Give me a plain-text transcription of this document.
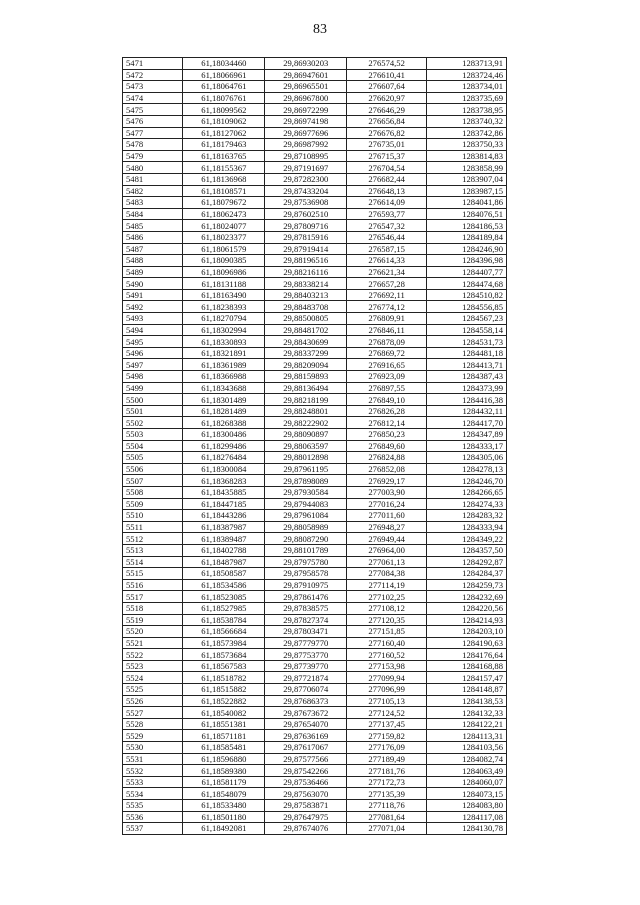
83
5471	61,18034460	29,86930203	276574,52	1283713,91
5472	61,18066961	29,86947601	276610,41	1283724,46
5473	61,18064761	29,86965501	276607,64	1283734,01
5474	61,18076761	29,86967800	276620,97	1283735,69
5475	61,18099562	29,86972299	276646,29	1283738,95
5476	61,18109062	29,86974198	276656,84	1283740,32
5477	61,18127062	29,86977696	276676,82	1283742,86
5478	61,18179463	29,86987992	276735,01	1283750,33
5479	61,18163765	29,87108995	276715,37	1283814,83
5480	61,18155367	29,87191697	276704,54	1283858,99
5481	61,18136968	29,87282300	276682,44	1283907,04
5482	61,18108571	29,87433204	276648,13	1283987,15
5483	61,18079672	29,87536908	276614,09	1284041,86
5484	61,18062473	29,87602510	276593,77	1284076,51
5485	61,18024077	29,87809716	276547,32	1284186,53
5486	61,18023377	29,87815916	276546,44	1284189,84
5487	61,18061579	29,87919414	276587,15	1284246,90
5488	61,18090385	29,88196516	276614,33	1284396,98
5489	61,18096986	29,88216116	276621,34	1284407,77
5490	61,18131188	29,88338214	276657,28	1284474,68
5491	61,18163490	29,88403213	276692,11	1284510,82
5492	61,18238393	29,88483708	276774,12	1284556,85
5493	61,18270794	29,88500805	276809,91	1284567,23
5494	61,18302994	29,88481702	276846,11	1284558,14
5495	61,18330893	29,88430699	276878,09	1284531,73
5496	61,18321891	29,88337299	276869,72	1284481,18
5497	61,18361989	29,88209094	276916,65	1284413,71
5498	61,18366988	29,88159893	276923,09	1284387,43
5499	61,18343688	29,88136494	276897,55	1284373,99
5500	61,18301489	29,88218199	276849,10	1284416,38
5501	61,18281489	29,88248801	276826,28	1284432,11
5502	61,18268388	29,88222902	276812,14	1284417,70
5503	61,18300486	29,88090897	276850,23	1284347,89
5504	61,18299486	29,88063597	276849,60	1284333,17
5505	61,18276484	29,88012898	276824,88	1284305,06
5506	61,18300084	29,87961195	276852,08	1284278,13
5507	61,18368283	29,87898089	276929,17	1284246,70
5508	61,18435885	29,87930584	277003,90	1284266,65
5509	61,18447185	29,87944083	277016,24	1284274,33
5510	61,18443286	29,87961084	277011,60	1284283,32
5511	61,18387987	29,88058989	276948,27	1284333,94
5512	61,18389487	29,88087290	276949,44	1284349,22
5513	61,18402788	29,88101789	276964,00	1284357,50
5514	61,18487987	29,87975780	277061,13	1284292,87
5515	61,18508587	29,87958578	277084,38	1284284,37
5516	61,18534586	29,87910975	277114,19	1284259,73
5517	61,18523085	29,87861476	277102,25	1284232,69
5518	61,18527985	29,87838575	277108,12	1284220,56
5519	61,18538784	29,87827374	277120,35	1284214,93
5520	61,18566684	29,87803471	277151,85	1284203,10
5521	61,18573984	29,87779770	277160,40	1284190,63
5522	61,18573684	29,87753770	277160,52	1284176,64
5523	61,18567583	29,87739770	277153,98	1284168,88
5524	61,18518782	29,87721874	277099,94	1284157,47
5525	61,18515882	29,87706074	277096,99	1284148,87
5526	61,18522882	29,87686373	277105,13	1284138,53
5527	61,18540082	29,87673672	277124,52	1284132,33
5528	61,18551381	29,87654070	277137,45	1284122,21
5529	61,18571181	29,87636169	277159,82	1284113,31
5530	61,18585481	29,87617067	277176,09	1284103,56
5531	61,18596880	29,87577566	277189,49	1284082,74
5532	61,18589380	29,87542266	277181,76	1284063,49
5533	61,18581179	29,87536466	277172,73	1284060,07
5534	61,18548079	29,87563070	277135,39	1284073,15
5535	61,18533480	29,87583871	277118,76	1284083,80
5536	61,18501180	29,87647975	277081,64	1284117,08
5537	61,18492081	29,87674076	277071,04	1284130,78
